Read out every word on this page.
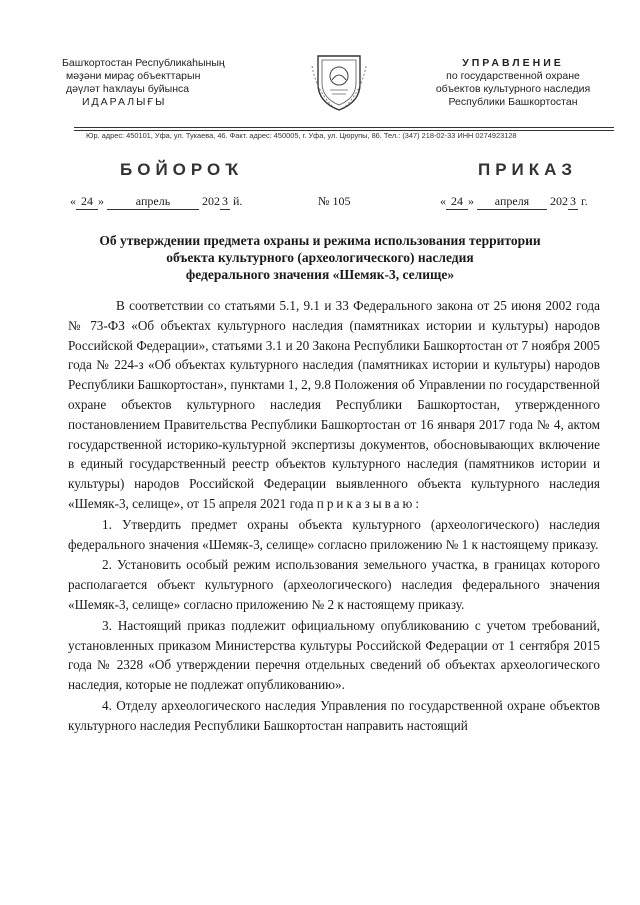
Башҡортостан Республикаһының
мәҙәни мираҫ объекттарын
дәүләт һаҡлауы буйынса
ИДАРАЛЫҒЫ
УПРАВЛЕНИЕ
по государственной охране
объектов культурного наследия
Республики Башкортостан
Юр. адрес: 450101, Уфа, ул. Тукаева, 46. Факт. адрес: 450005, г. Уфа, ул. Цюрупы, 86. Тел.: (347) 218-02-33 ИНН 0274923128
БОЙОРОҠ	ПРИКАЗ
« 24 »	апрель	202 3 й.	№ 105	« 24 » апреля 202 3 г.
Об утверждении предмета охраны и режима использования территории
объекта культурного (археологического) наследия
федерального значения «Шемяк-3, селище»

В соответствии со статьями 5.1, 9.1 и 33 Федерального закона от 25 июня 2002 года № 73-ФЗ «Об объектах культурного наследия (памятниках истории и культуры) народов Российской Федерации», статьями 3.1 и 20 Закона Республики Башкортостан от 7 ноября 2005 года № 224-з «Об объектах культурного наследия (памятниках истории и культуры) народов Республики Башкортостан», пунктами 1, 2, 9.8 Положения об Управлении по государственной охране объектов культурного наследия Республики Башкортостан, утвержденного постановлением Правительства Республики Башкортостан от 16 января 2017 года № 4, актом государственной историко-культурной экспертизы документов, обосновывающих включение в единый государственный реестр объектов культурного наследия (памятников истории и культуры) народов Российской Федерации выявленного объекта культурного наследия «Шемяк-3, селище», от 15 апреля 2021 года приказываю:

1. Утвердить предмет охраны объекта культурного (археологического) наследия федерального значения «Шемяк-3, селище» согласно приложению № 1 к настоящему приказу.

2. Установить особый режим использования земельного участка, в границах которого располагается объект культурного (археологического) наследия федерального значения «Шемяк-3, селище» согласно приложению № 2 к настоящему приказу.

3. Настоящий приказ подлежит официальному опубликованию с учетом требований, установленных приказом Министерства культуры Российской Федерации от 1 сентября 2015 года № 2328 «Об утверждении перечня отдельных сведений об объектах археологического наследия, которые не подлежат опубликованию».

4. Отделу археологического наследия Управления по государственной охране объектов культурного наследия Республики Башкортостан направить настоящий
